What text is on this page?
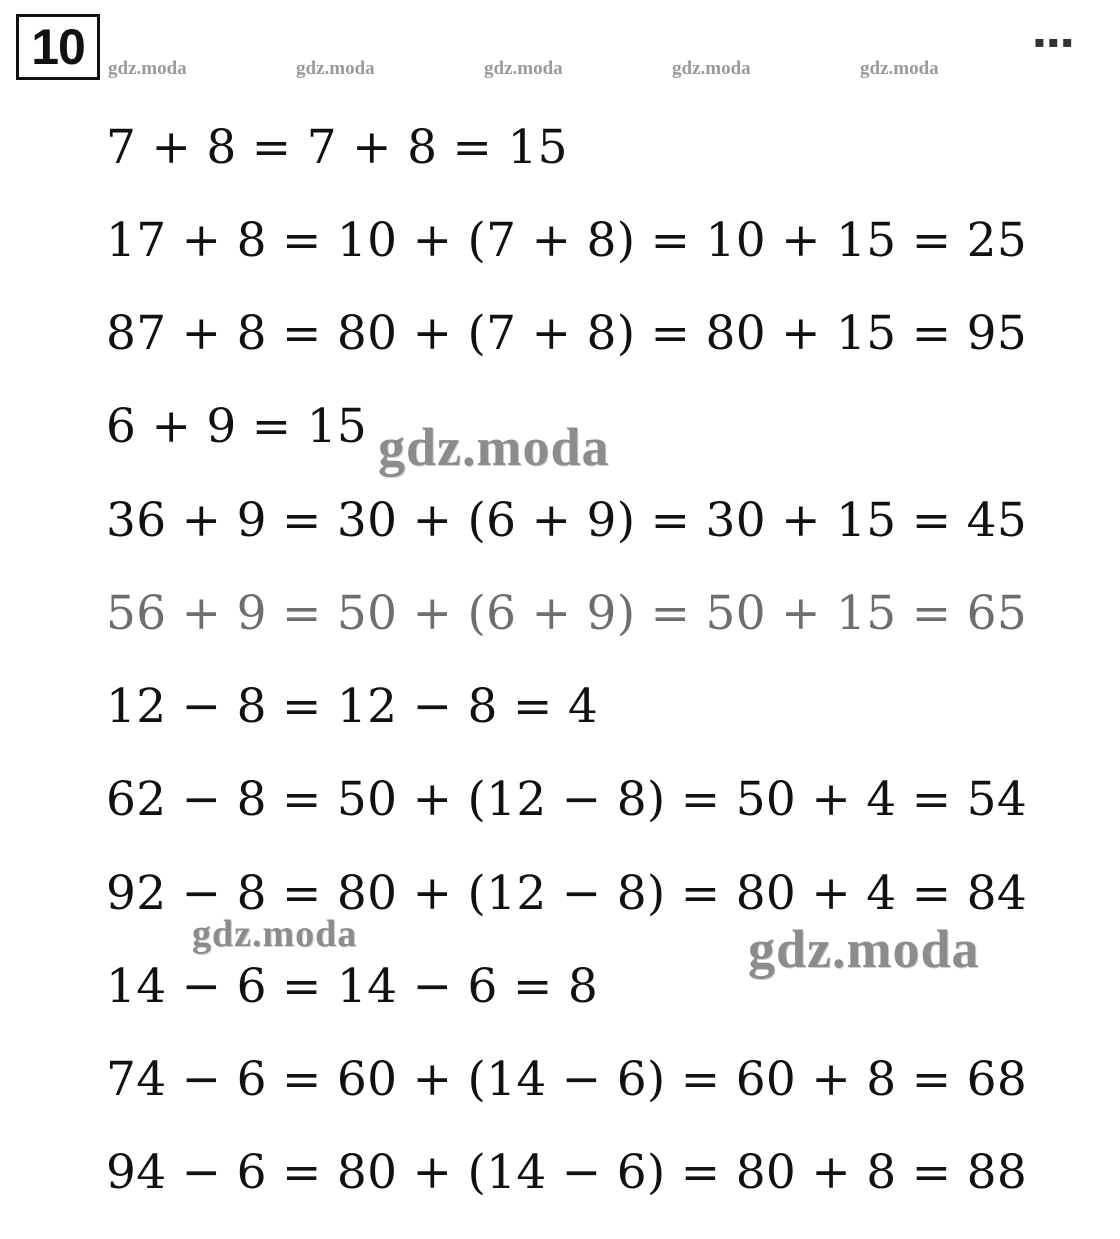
10	▪▪▪
gdz.moda	gdz.moda	gdz.moda	gdz.moda	gdz.moda
7 + 8 = 7 + 8 = 15
17 + 8 = 10 + (7 + 8) = 10 + 15 = 25
87 + 8 = 80 + (7 + 8) = 80 + 15 = 95
6 + 9 = 15
36 + 9 = 30 + (6 + 9) = 30 + 15 = 45
56 + 9 = 50 + (6 + 9) = 50 + 15 = 65
12 − 8 = 12 − 8 = 4
62 − 8 = 50 + (12 − 8) = 50 + 4 = 54
92 − 8 = 80 + (12 − 8) = 80 + 4 = 84
14 − 6 = 14 − 6 = 8
74 − 6 = 60 + (14 − 6) = 60 + 8 = 68
94 − 6 = 80 + (14 − 6) = 80 + 8 = 88
gdz.moda
gdz.moda	gdz.moda
